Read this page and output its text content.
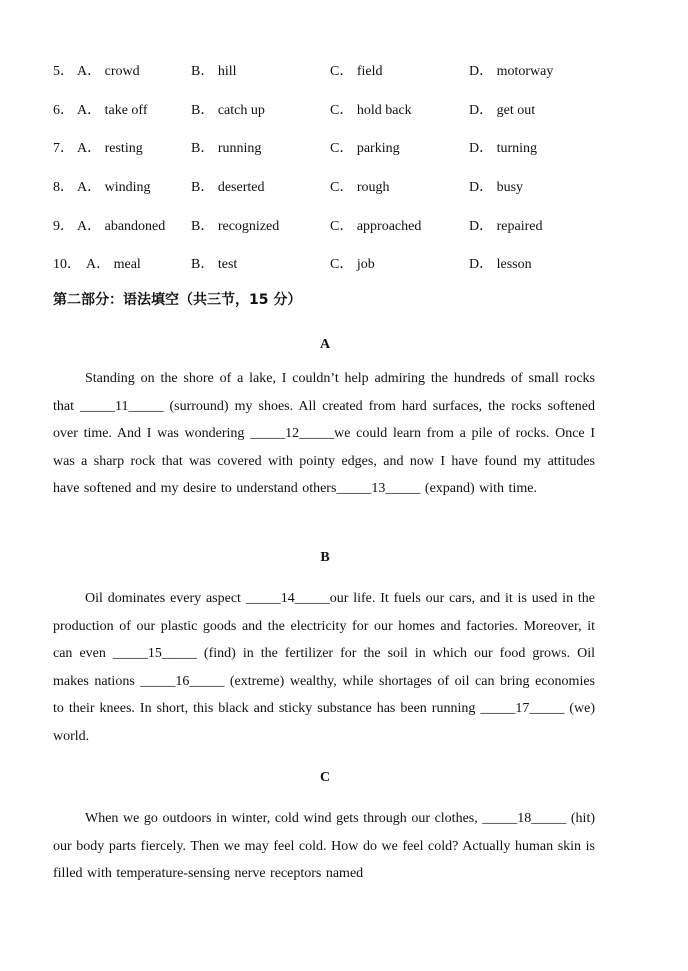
5． A． crowd	B． hill	C． field	D． motorway
6． A． take off	B． catch up	C． hold back	D． get out
7． A． resting	B． running	C． parking	D． turning
8． A． winding	B． deserted	C． rough	D． busy
9． A． abandoned B． recognized	C． approached	D． repaired
10． A． meal	B． test	C． job	D． lesson
第二部分：语法填空（共三节，15 分）
A
Standing on the shore of a lake, I couldn’t help admiring the hundreds of small rocks that _____11_____ (surround) my shoes. All created from hard surfaces, the rocks softened over time. And I was wondering _____12_____we could learn from a pile of rocks. Once I was a sharp rock that was covered with pointy edges, and now I have found my attitudes have softened and my desire to understand others_____13_____ (expand) with time.
B
Oil dominates every aspect _____14_____our life. It fuels our cars, and it is used in the production of our plastic goods and the electricity for our homes and factories. Moreover, it can even _____15_____ (find) in the fertilizer for the soil in which our food grows. Oil makes nations _____16_____ (extreme) wealthy, while shortages of oil can bring economies to their knees. In short, this black and sticky substance has been running _____17_____ (we) world.
C
When we go outdoors in winter, cold wind gets through our clothes, _____18_____ (hit) our body parts fiercely. Then we may feel cold. How do we feel cold? Actually human skin is filled with temperature-sensing nerve receptors named
